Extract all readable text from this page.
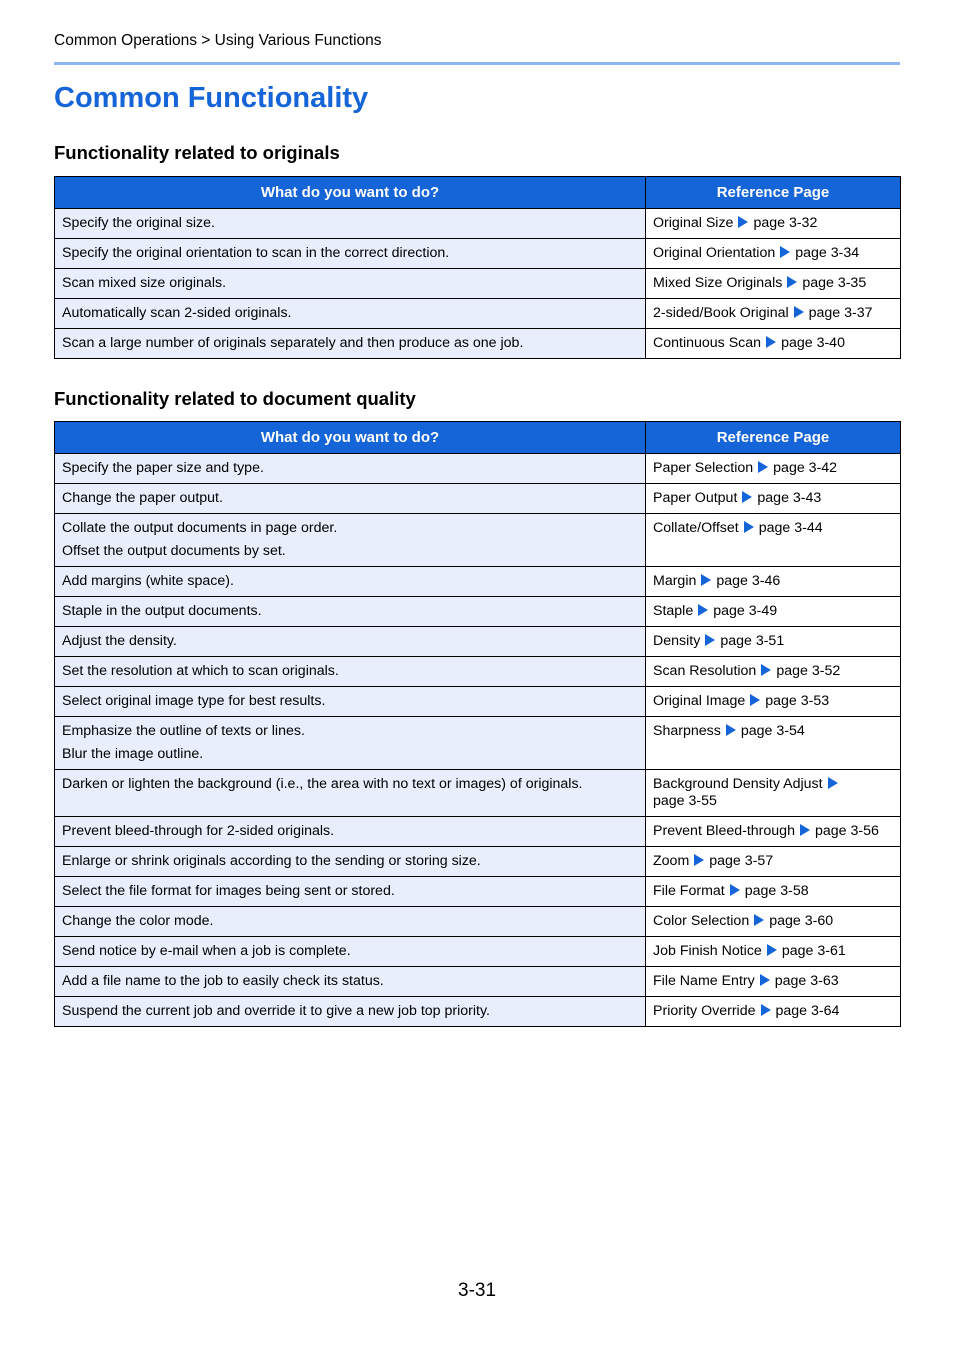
Common Operations > Using Various Functions
Common Functionality
Functionality related to originals
What do you want to do?	Reference Page
Specify the original size.	Original Size page 3-32
Specify the original orientation to scan in the correct direction.	Original Orientation page 3-34
Scan mixed size originals.	Mixed Size Originals page 3-35
Automatically scan 2-sided originals.	2-sided/Book Original page 3-37
Scan a large number of originals separately and then produce as one job.	Continuous Scan page 3-40
Functionality related to document quality
What do you want to do?	Reference Page
Specify the paper size and type.	Paper Selection page 3-42
Change the paper output.	Paper Output page 3-43
Collate the output documents in page order.
Offset the output documents by set.	Collate/Offset page 3-44
Add margins (white space).	Margin page 3-46
Staple in the output documents.	Staple page 3-49
Adjust the density.	Density page 3-51
Set the resolution at which to scan originals.	Scan Resolution page 3-52
Select original image type for best results.	Original Image page 3-53
Emphasize the outline of texts or lines.
Blur the image outline.	Sharpness page 3-54
Darken or lighten the background (i.e., the area with no text or images) of originals.	Background Density Adjust
page 3-55
Prevent bleed-through for 2-sided originals.	Prevent Bleed-through page 3-56
Enlarge or shrink originals according to the sending or storing size.	Zoom page 3-57
Select the file format for images being sent or stored.	File Format page 3-58
Change the color mode.	Color Selection page 3-60
Send notice by e-mail when a job is complete.	Job Finish Notice page 3-61
Add a file name to the job to easily check its status.	File Name Entry page 3-63
Suspend the current job and override it to give a new job top priority.	Priority Override page 3-64
3-31
